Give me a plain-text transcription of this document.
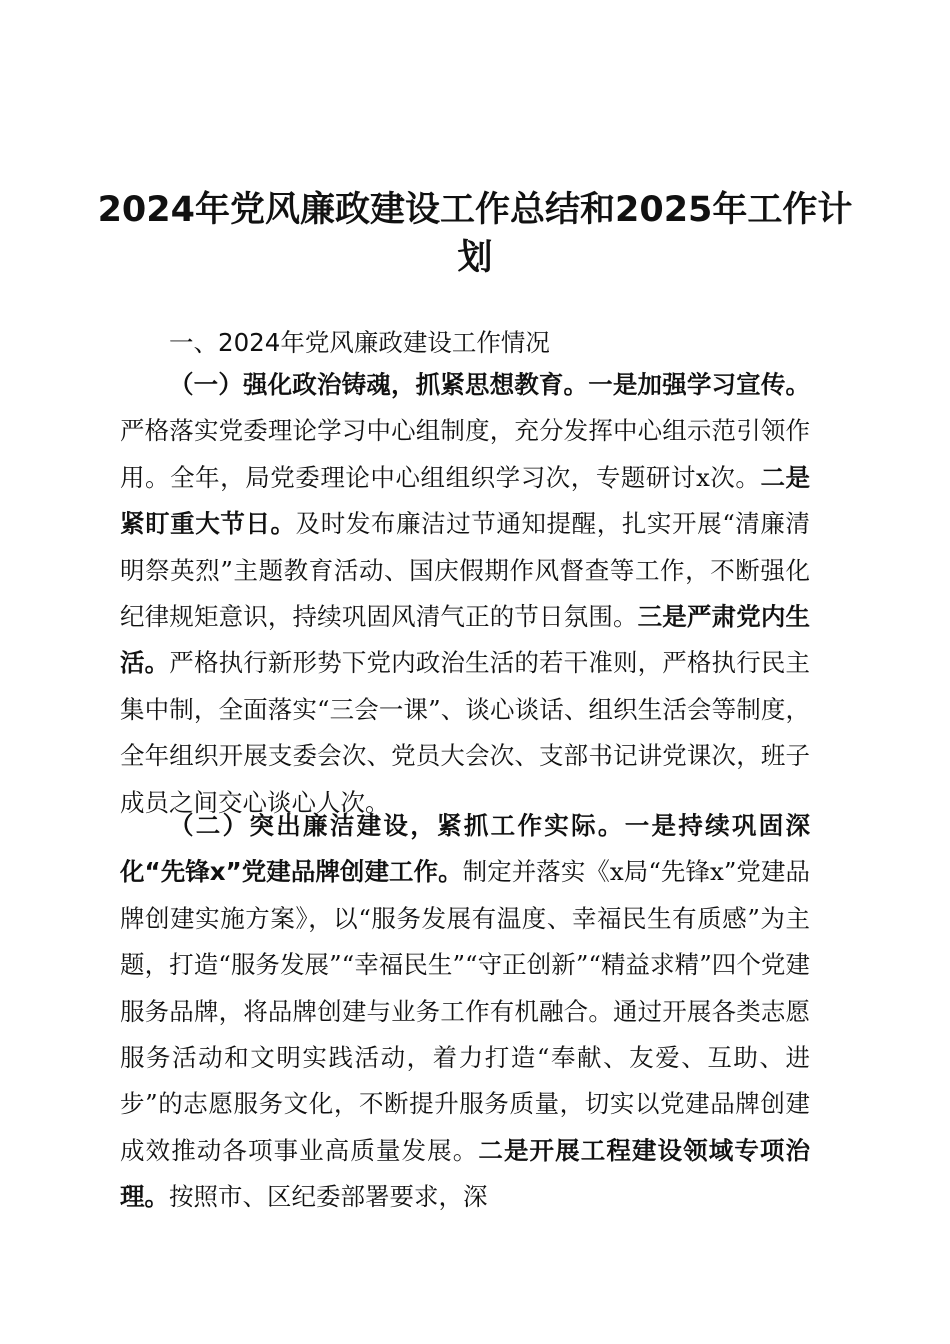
2024年党风廉政建设工作总结和2025年工作计划

一、2024年党风廉政建设工作情况

（一）强化政治铸魂，抓紧思想教育。一是加强学习宣传。严格落实党委理论学习中心组制度，充分发挥中心组示范引领作用。全年，局党委理论中心组组织学习次，专题研讨x次。二是紧盯重大节日。及时发布廉洁过节通知提醒，扎实开展“清廉清明祭英烈”主题教育活动、国庆假期作风督查等工作，不断强化纪律规矩意识，持续巩固风清气正的节日氛围。三是严肃党内生活。严格执行新形势下党内政治生活的若干准则，严格执行民主集中制，全面落实“三会一课”、谈心谈话、组织生活会等制度，全年组织开展支委会次、党员大会次、支部书记讲党课次，班子成员之间交心谈心人次。

（二）突出廉洁建设，紧抓工作实际。一是持续巩固深化“先锋x”党建品牌创建工作。制定并落实《x局“先锋x”党建品牌创建实施方案》，以“服务发展有温度、幸福民生有质感”为主题，打造“服务发展”“幸福民生”“守正创新”“精益求精”四个党建服务品牌，将品牌创建与业务工作有机融合。通过开展各类志愿服务活动和文明实践活动，着力打造“奉献、友爱、互助、进步”的志愿服务文化，不断提升服务质量，切实以党建品牌创建成效推动各项事业高质量发展。二是开展工程建设领域专项治理。按照市、区纪委部署要求，深
